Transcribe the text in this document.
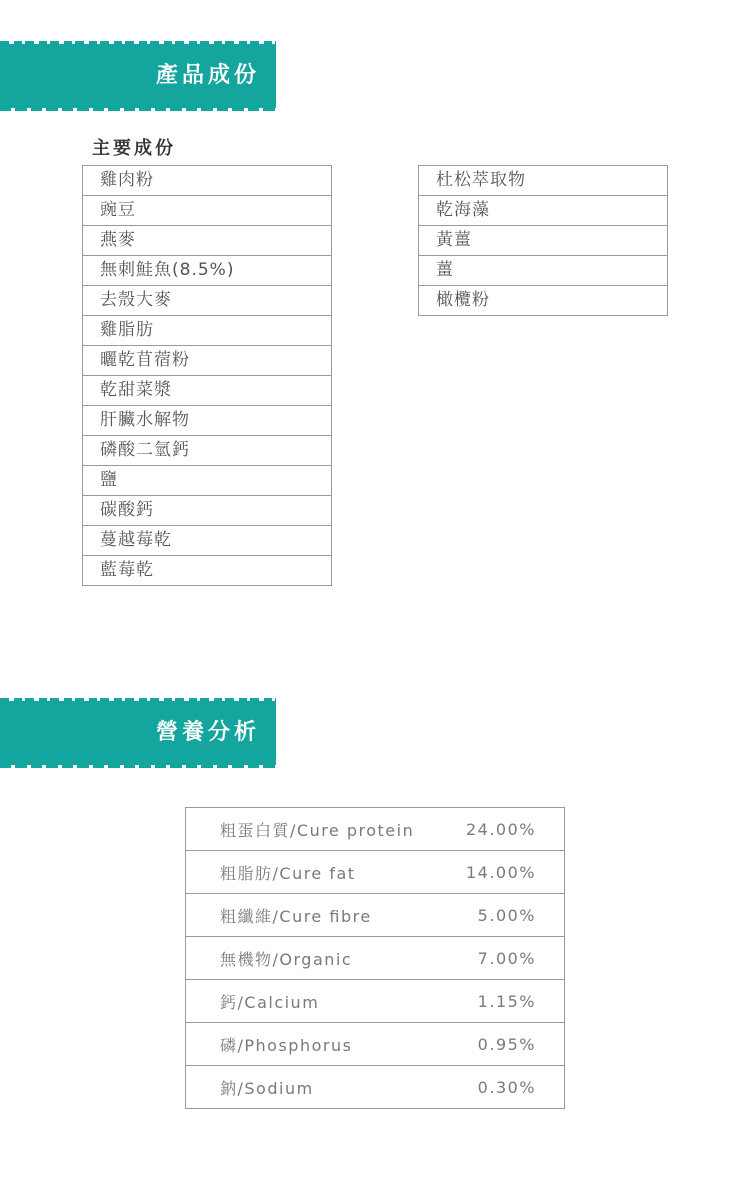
產品成份
主要成份
雞肉粉
豌豆
燕麥
無刺鮭魚(8.5%)
去殼大麥
雞脂肪
曬乾苜蓿粉
乾甜菜漿
肝臟水解物
磷酸二氫鈣
鹽
碳酸鈣
蔓越莓乾
藍莓乾
杜松萃取物
乾海藻
黃薑
薑
橄欖粉
營養分析
粗蛋白質/Cure protein	24.00%
粗脂肪/Cure fat	14.00%
粗纖維/Cure ﬁbre	5.00%
無機物/Organic	7.00%
鈣/Calcium	1.15%
磷/Phosphorus	0.95%
鈉/Sodium	0.30%
